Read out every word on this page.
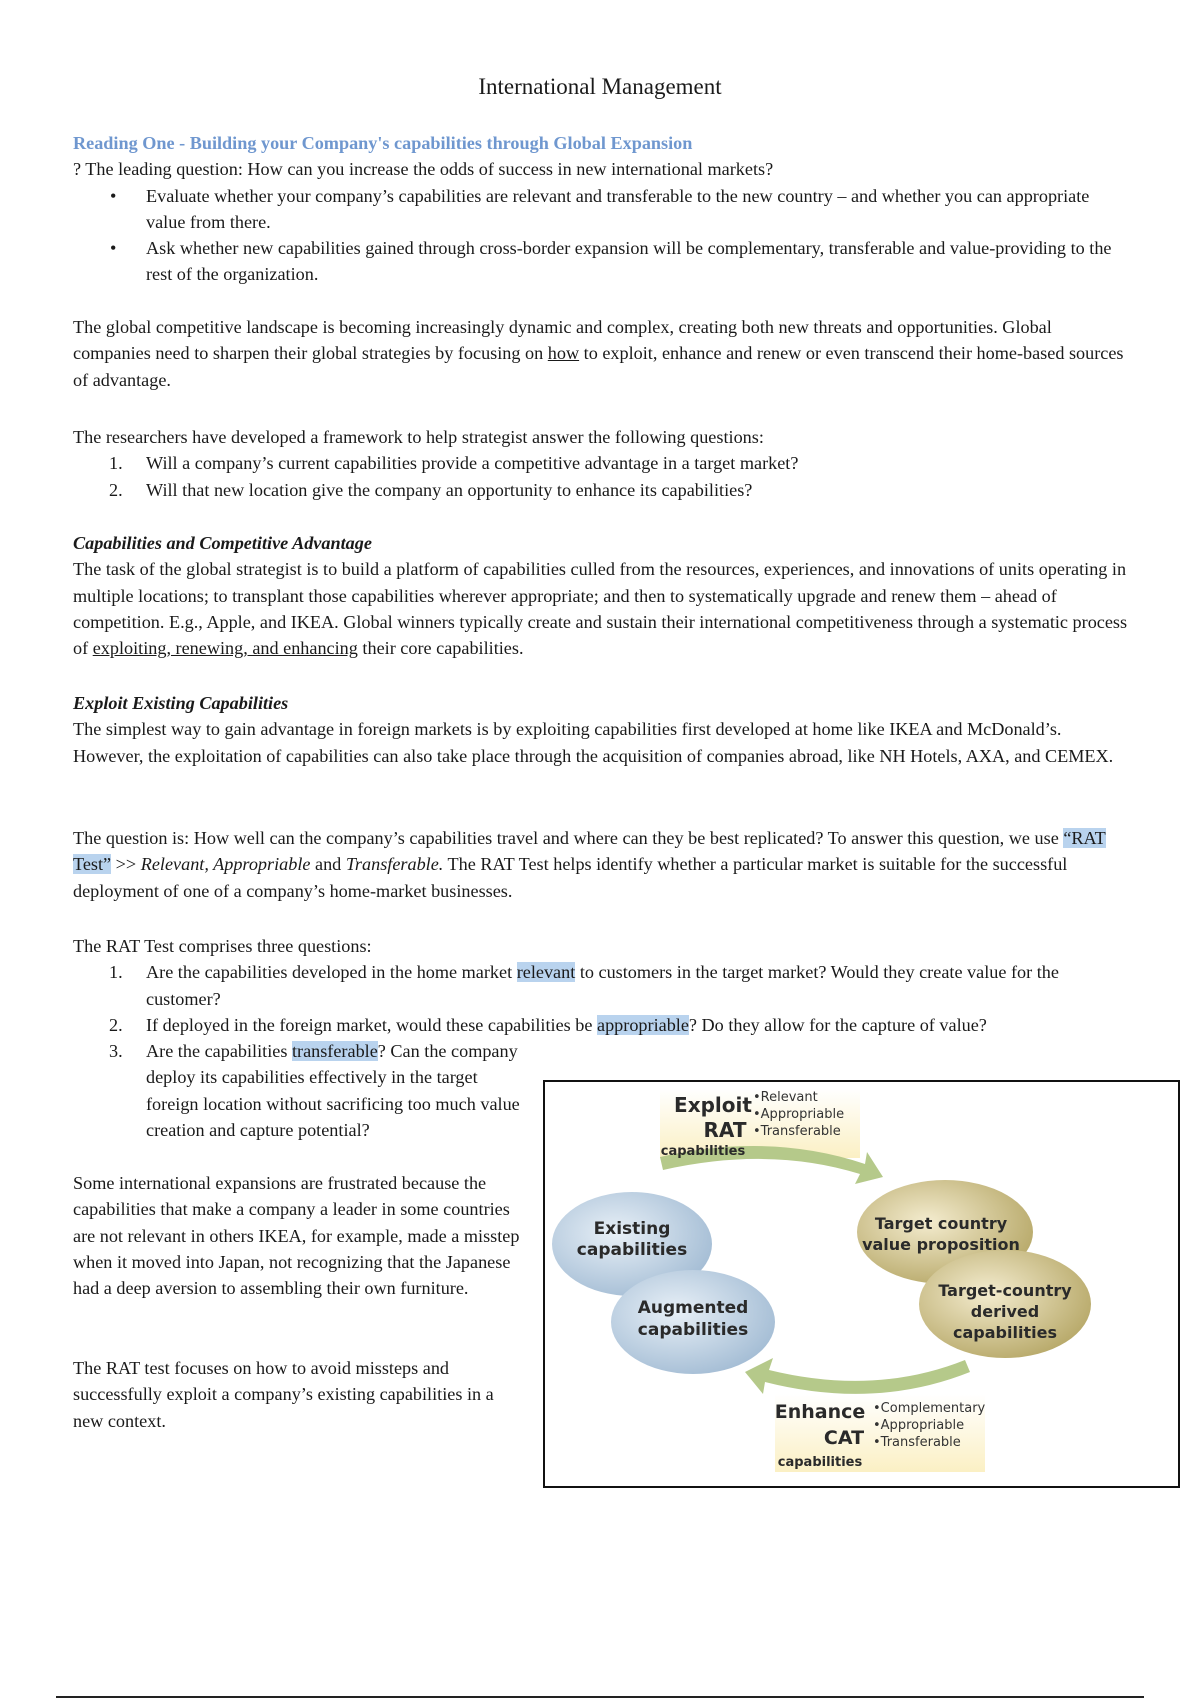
International Management
Reading One - Building your Company's capabilities through Global Expansion
? The leading question: How can you increase the odds of success in new international markets?
• Evaluate whether your company’s capabilities are relevant and transferable to the new country – and whether you can appropriate value from there.
• Ask whether new capabilities gained through cross-border expansion will be complementary, transferable and value-providing to the rest of the organization.
The global competitive landscape is becoming increasingly dynamic and complex, creating both new threats and opportunities. Global companies need to sharpen their global strategies by focusing on how to exploit, enhance and renew or even transcend their home-based sources of advantage.
The researchers have developed a framework to help strategist answer the following questions:
1. Will a company’s current capabilities provide a competitive advantage in a target market?
2. Will that new location give the company an opportunity to enhance its capabilities?
Capabilities and Competitive Advantage
The task of the global strategist is to build a platform of capabilities culled from the resources, experiences, and innovations of units operating in multiple locations; to transplant those capabilities wherever appropriate; and then to systematically upgrade and renew them – ahead of competition. E.g., Apple, and IKEA. Global winners typically create and sustain their international competitiveness through a systematic process of exploiting, renewing, and enhancing their core capabilities.
Exploit Existing Capabilities
The simplest way to gain advantage in foreign markets is by exploiting capabilities first developed at home like IKEA and McDonald’s. However, the exploitation of capabilities can also take place through the acquisition of companies abroad, like NH Hotels, AXA, and CEMEX.
The question is: How well can the company’s capabilities travel and where can they be best replicated? To answer this question, we use “RAT Test” >> Relevant, Appropriable and Transferable. The RAT Test helps identify whether a particular market is suitable for the successful deployment of one of a company’s home-market businesses.
The RAT Test comprises three questions:
1. Are the capabilities developed in the home market relevant to customers in the target market? Would they create value for the customer?
2. If deployed in the foreign market, would these capabilities be appropriable? Do they allow for the capture of value?
3. Are the capabilities transferable? Can the company deploy its capabilities effectively in the target foreign location without sacrificing too much value creation and capture potential?
Some international expansions are frustrated because the capabilities that make a company a leader in some countries are not relevant in others IKEA, for example, made a misstep when it moved into Japan, not recognizing that the Japanese had a deep aversion to assembling their own furniture.
The RAT test focuses on how to avoid missteps and successfully exploit a company’s existing capabilities in a new context.
Exploit
RAT
capabilities
Existing
capabilities
Augmented
capabilities
Target country
value proposition
Target-country
derived
capabilities
Enhance
CAT
capabilities
•Relevant
•Appropriable
•Transferable
•Complementary
•Appropriable
•Transferable
